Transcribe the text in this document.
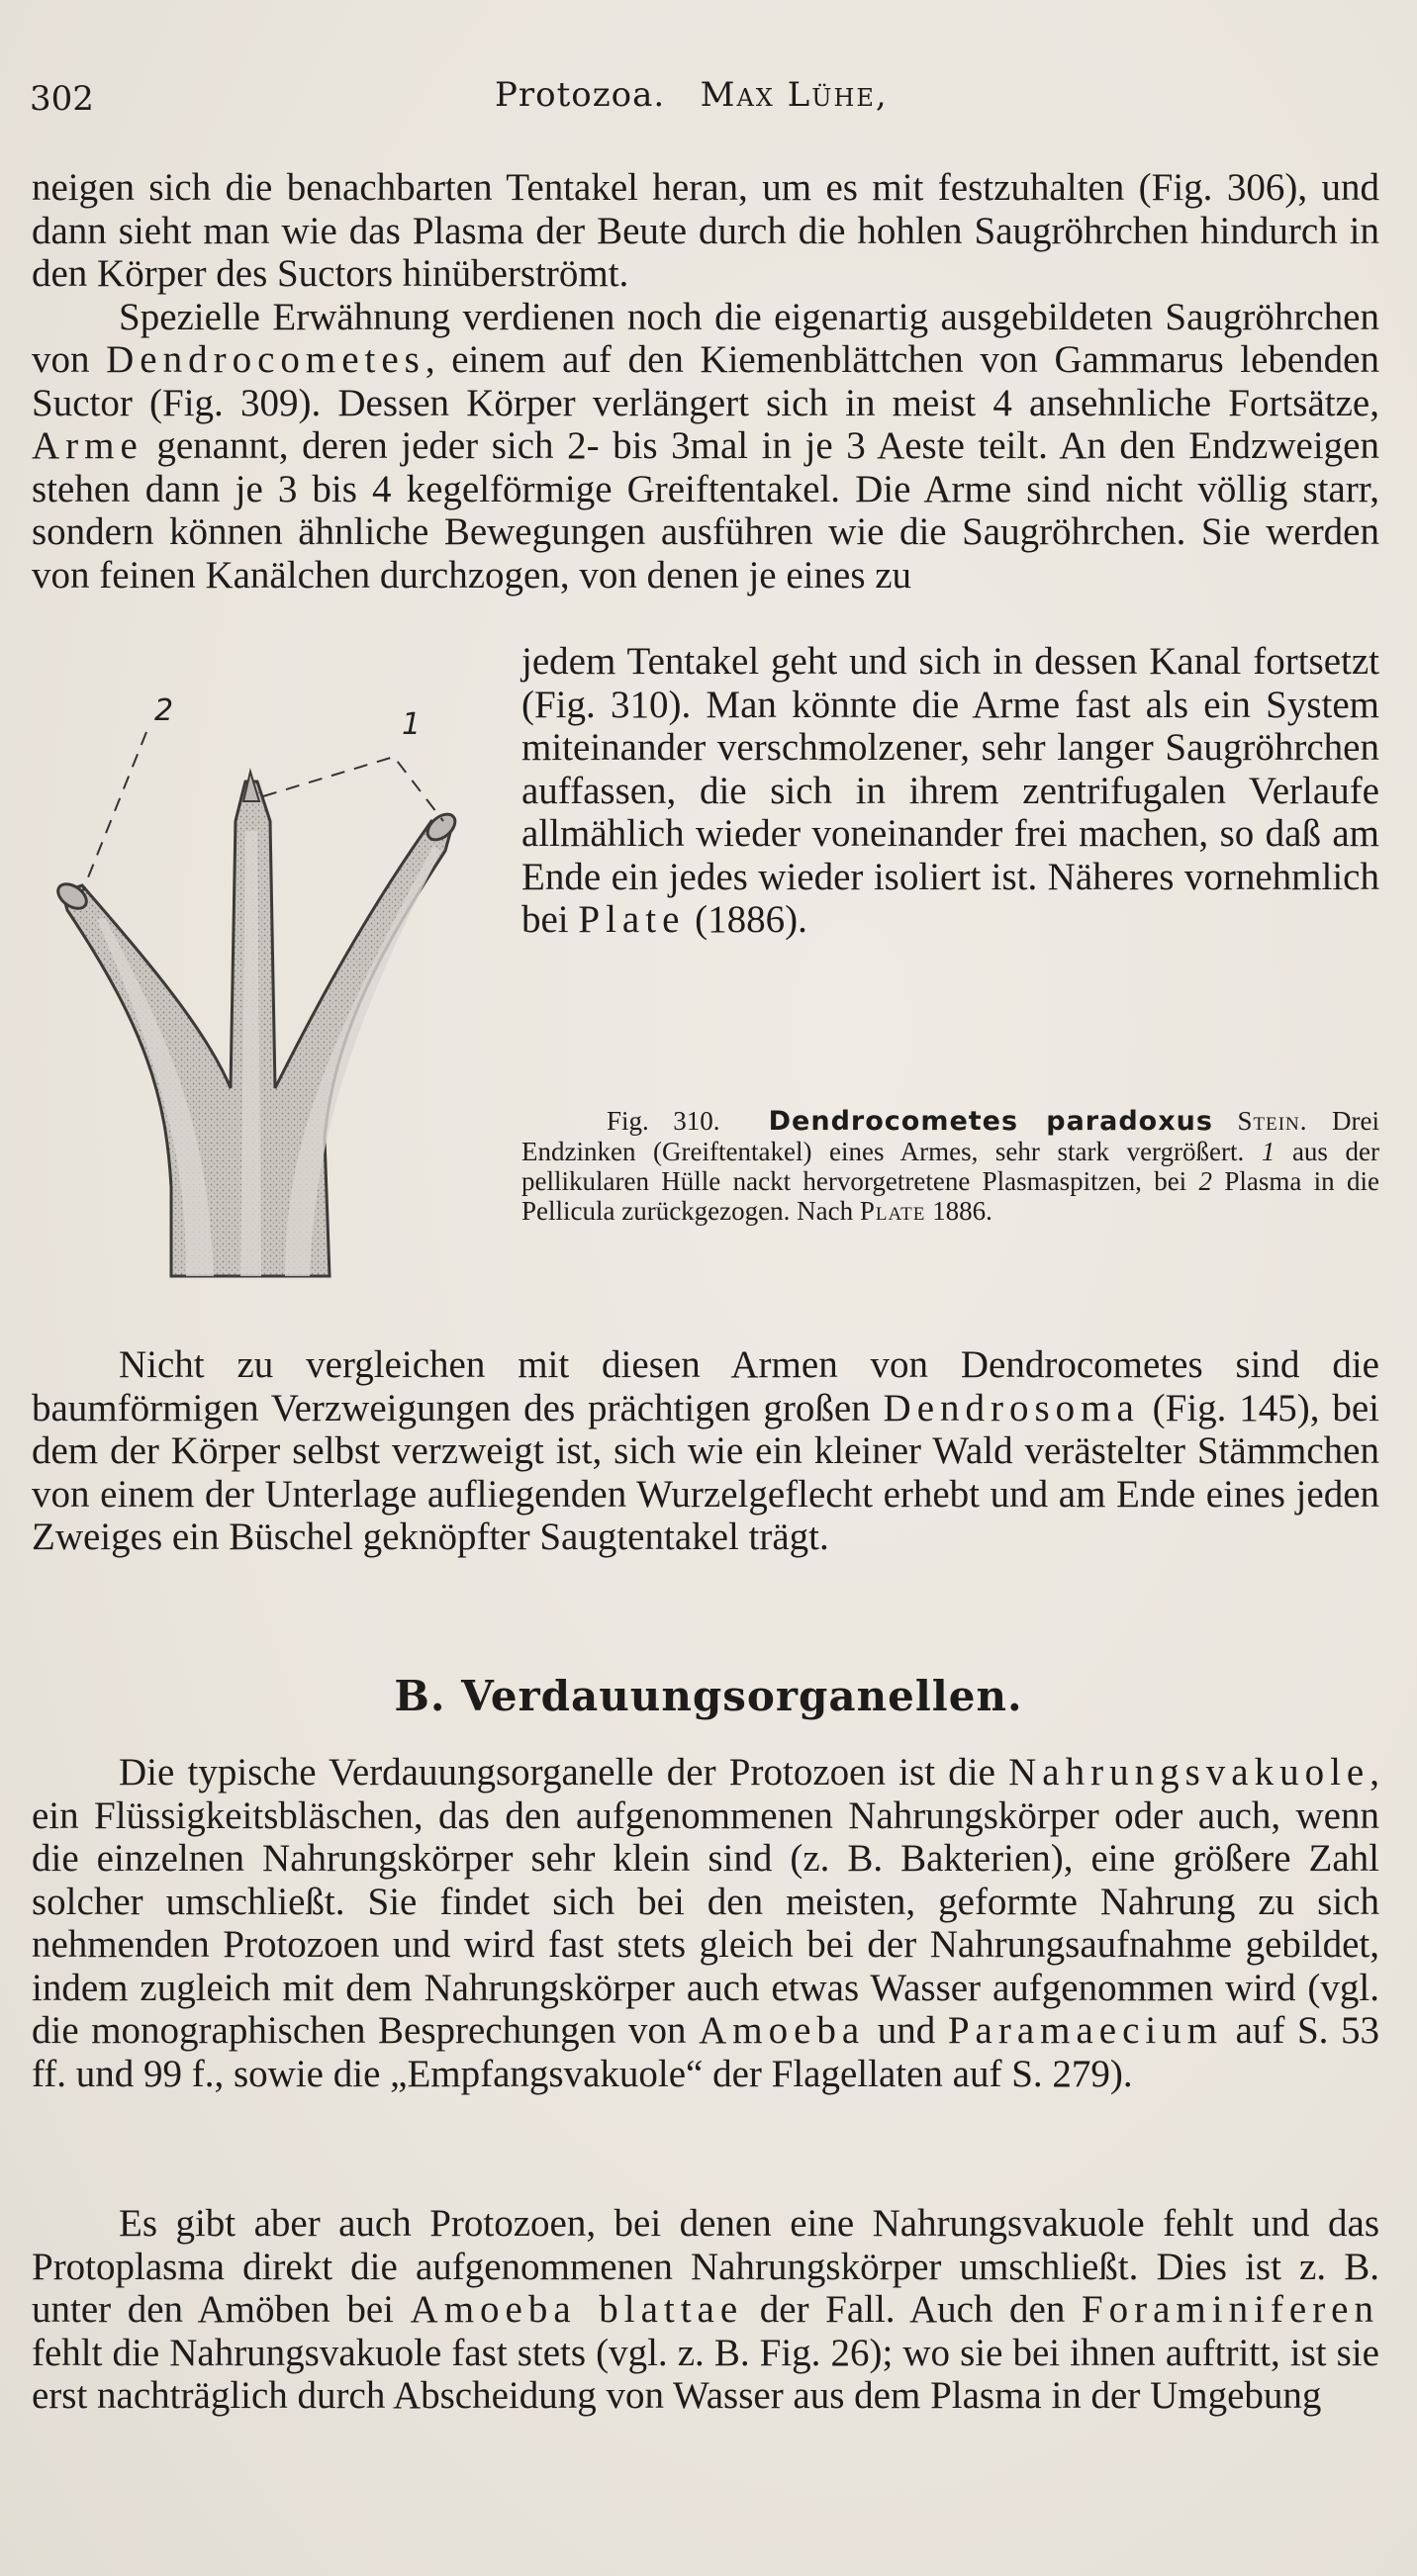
302	Protozoa. Max Lühe,

neigen sich die benachbarten Tentakel heran, um es mit festzuhalten (Fig. 306), und dann sieht man wie das Plasma der Beute durch die hohlen Saugröhrchen hindurch in den Körper des Suctors hinüberströmt.

Spezielle Erwähnung verdienen noch die eigenartig ausgebildeten Saugröhrchen von Dendrocometes, einem auf den Kiemenblättchen von Gammarus lebenden Suctor (Fig. 309). Dessen Körper verlängert sich in meist 4 ansehnliche Fortsätze, Arme genannt, deren jeder sich 2- bis 3mal in je 3 Aeste teilt. An den Endzweigen stehen dann je 3 bis 4 kegelförmige Greiftentakel. Die Arme sind nicht völlig starr, sondern können ähnliche Bewegungen ausführen wie die Saugröhrchen. Sie werden von feinen Kanälchen durchzogen, von denen je eines zu

jedem Tentakel geht und sich in dessen Kanal fortsetzt (Fig. 310). Man könnte die Arme fast als ein System miteinander verschmolzener, sehr langer Saugröhrchen auffassen, die sich in ihrem zentrifugalen Verlaufe allmählich wieder voneinander frei machen, so daß am Ende ein jedes wieder isoliert ist. Näheres vornehmlich bei Plate (1886).

2	1

Fig. 310. Dendrocometes paradoxus Stein. Drei Endzinken (Greiftentakel) eines Armes, sehr stark vergrößert. 1 aus der pellikularen Hülle nackt hervorgetretene Plasmaspitzen, bei 2 Plasma in die Pellicula zurückgezogen. Nach Plate 1886.

Nicht zu vergleichen mit diesen Armen von Dendrocometes sind die baumförmigen Verzweigungen des prächtigen großen Dendrosoma (Fig. 145), bei dem der Körper selbst verzweigt ist, sich wie ein kleiner Wald verästelter Stämmchen von einem der Unterlage aufliegenden Wurzelgeflecht erhebt und am Ende eines jeden Zweiges ein Büschel geknöpfter Saugtentakel trägt.

B. Verdauungsorganellen.

Die typische Verdauungsorganelle der Protozoen ist die Nahrungsvakuole, ein Flüssigkeitsbläschen, das den aufgenommenen Nahrungskörper oder auch, wenn die einzelnen Nahrungskörper sehr klein sind (z. B. Bakterien), eine größere Zahl solcher umschließt. Sie findet sich bei den meisten, geformte Nahrung zu sich nehmenden Protozoen und wird fast stets gleich bei der Nahrungsaufnahme gebildet, indem zugleich mit dem Nahrungskörper auch etwas Wasser aufgenommen wird (vgl. die monographischen Besprechungen von Amoeba und Paramaecium auf S. 53 ff. und 99 f., sowie die „Empfangsvakuole“ der Flagellaten auf S. 279).

Es gibt aber auch Protozoen, bei denen eine Nahrungsvakuole fehlt und das Protoplasma direkt die aufgenommenen Nahrungskörper umschließt. Dies ist z. B. unter den Amöben bei Amoeba blattae der Fall. Auch den Foraminiferen fehlt die Nahrungsvakuole fast stets (vgl. z. B. Fig. 26); wo sie bei ihnen auftritt, ist sie erst nachträglich durch Abscheidung von Wasser aus dem Plasma in der Umgebung
